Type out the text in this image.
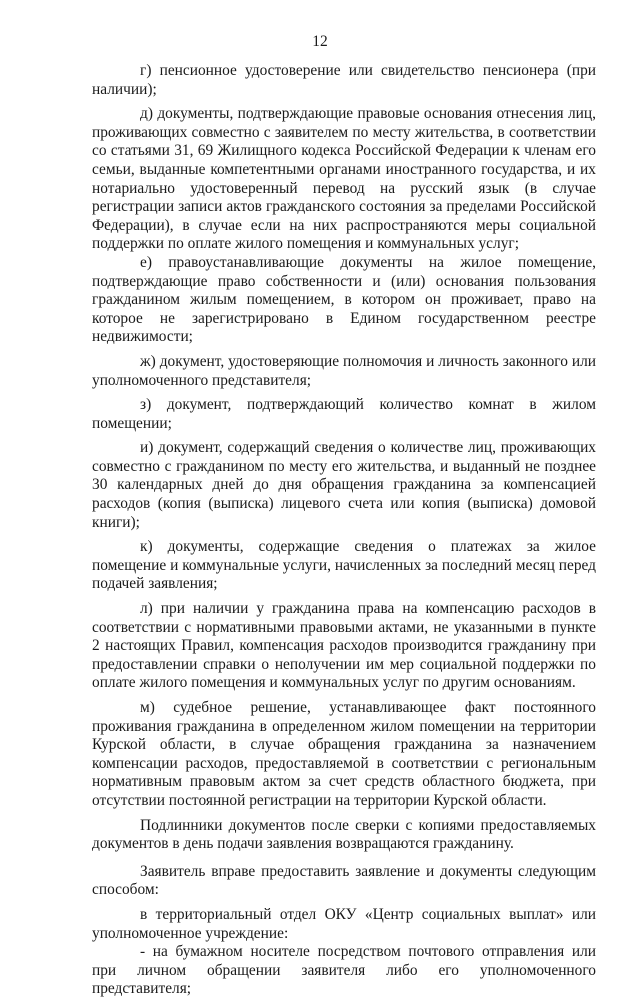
12

г) пенсионное удостоверение или свидетельство пенсионера (при наличии);

д) документы, подтверждающие правовые основания отнесения лиц, проживающих совместно с заявителем по месту жительства, в соответствии со статьями 31, 69 Жилищного кодекса Российской Федерации к членам его семьи, выданные компетентными органами иностранного государства, и их нотариально удостоверенный перевод на русский язык (в случае регистрации записи актов гражданского состояния за пределами Российской Федерации), в случае если на них распространяются меры социальной поддержки по оплате жилого помещения и коммунальных услуг;

е) правоустанавливающие документы на жилое помещение, подтверждающие право собственности и (или) основания пользования гражданином жилым помещением, в котором он проживает, право на которое не зарегистрировано в Едином государственном реестре недвижимости;

ж) документ, удостоверяющие полномочия и личность законного или уполномоченного представителя;

з) документ, подтверждающий количество комнат в жилом помещении;

и) документ, содержащий сведения о количестве лиц, проживающих совместно с гражданином по месту его жительства, и выданный не позднее 30 календарных дней до дня обращения гражданина за компенсацией расходов (копия (выписка) лицевого счета или копия (выписка) домовой книги);

к) документы, содержащие сведения о платежах за жилое помещение и коммунальные услуги, начисленных за последний месяц перед подачей заявления;

л) при наличии у гражданина права на компенсацию расходов в соответствии с нормативными правовыми актами, не указанными в пункте 2 настоящих Правил, компенсация расходов производится гражданину при предоставлении справки о неполучении им мер социальной поддержки по оплате жилого помещения и коммунальных услуг по другим основаниям.

м) судебное решение, устанавливающее факт постоянного проживания гражданина в определенном жилом помещении на территории Курской области, в случае обращения гражданина за назначением компенсации расходов, предоставляемой в соответствии с региональным нормативным правовым актом за счет средств областного бюджета, при отсутствии постоянной регистрации на территории Курской области.

Подлинники документов после сверки с копиями предоставляемых документов в день подачи заявления возвращаются гражданину.

Заявитель вправе предоставить заявление и документы следующим способом:

в территориальный отдел ОКУ «Центр социальных выплат» или уполномоченное учреждение:

- на бумажном носителе посредством почтового отправления или при личном обращении заявителя либо его уполномоченного представителя;
